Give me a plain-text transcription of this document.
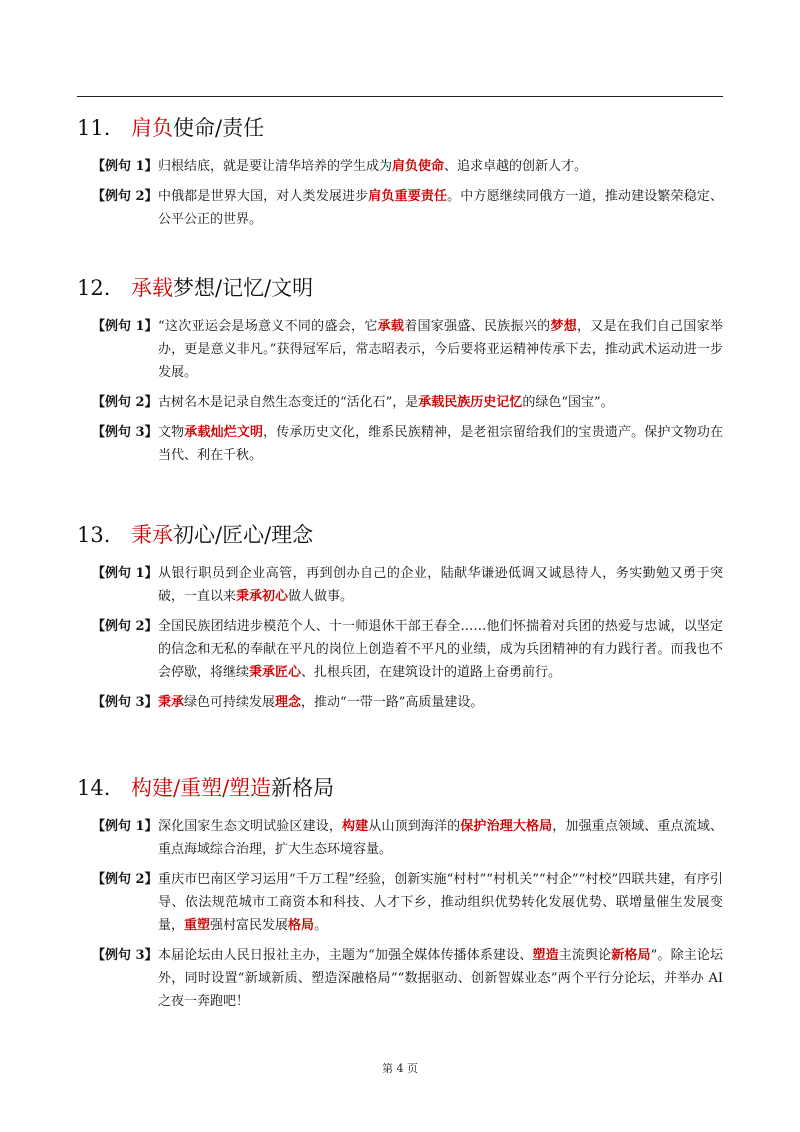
11. 肩负使命/责任
【例句 1】 归根结底，就是要让清华培养的学生成为肩负使命、追求卓越的创新人才。
【例句 2】 中俄都是世界大国，对人类发展进步肩负重要责任。中方愿继续同俄方一道，推动建设繁荣稳定、公平公正的世界。
12. 承载梦想/记忆/文明
【例句 1】 “这次亚运会是场意义不同的盛会，它承载着国家强盛、民族振兴的梦想，又是在我们自己国家举办，更是意义非凡。”获得冠军后，常志昭表示，今后要将亚运精神传承下去，推动武术运动进一步发展。
【例句 2】 古树名木是记录自然生态变迁的“活化石”，是承载民族历史记忆的绿色“国宝”。
【例句 3】 文物承载灿烂文明，传承历史文化，维系民族精神，是老祖宗留给我们的宝贵遗产。保护文物功在当代、利在千秋。
13. 秉承初心/匠心/理念
【例句 1】 从银行职员到企业高管，再到创办自己的企业，陆献华谦逊低调又诚恳待人，务实勤勉又勇于突破，一直以来秉承初心做人做事。
【例句 2】 全国民族团结进步模范个人、十一师退休干部王春全……他们怀揣着对兵团的热爱与忠诚，以坚定的信念和无私的奉献在平凡的岗位上创造着不平凡的业绩，成为兵团精神的有力践行者。而我也不会停歇，将继续秉承匠心、扎根兵团，在建筑设计的道路上奋勇前行。
【例句 3】 秉承绿色可持续发展理念，推动“一带一路”高质量建设。
14. 构建/重塑/塑造新格局
【例句 1】 深化国家生态文明试验区建设，构建从山顶到海洋的保护治理大格局，加强重点领域、重点流域、重点海域综合治理，扩大生态环境容量。
【例句 2】 重庆市巴南区学习运用“千万工程”经验，创新实施“村村”“村机关”“村企”“村校”四联共建，有序引导、依法规范城市工商资本和科技、人才下乡，推动组织优势转化发展优势、联增量催生发展变量，重塑强村富民发展格局。
【例句 3】 本届论坛由人民日报社主办，主题为“加强全媒体传播体系建设、塑造主流舆论新格局”。除主论坛外，同时设置“新域新质、塑造深融格局”“数据驱动、创新智媒业态”两个平行分论坛，并举办 AI 之夜一奔跑吧！
第 4 页
